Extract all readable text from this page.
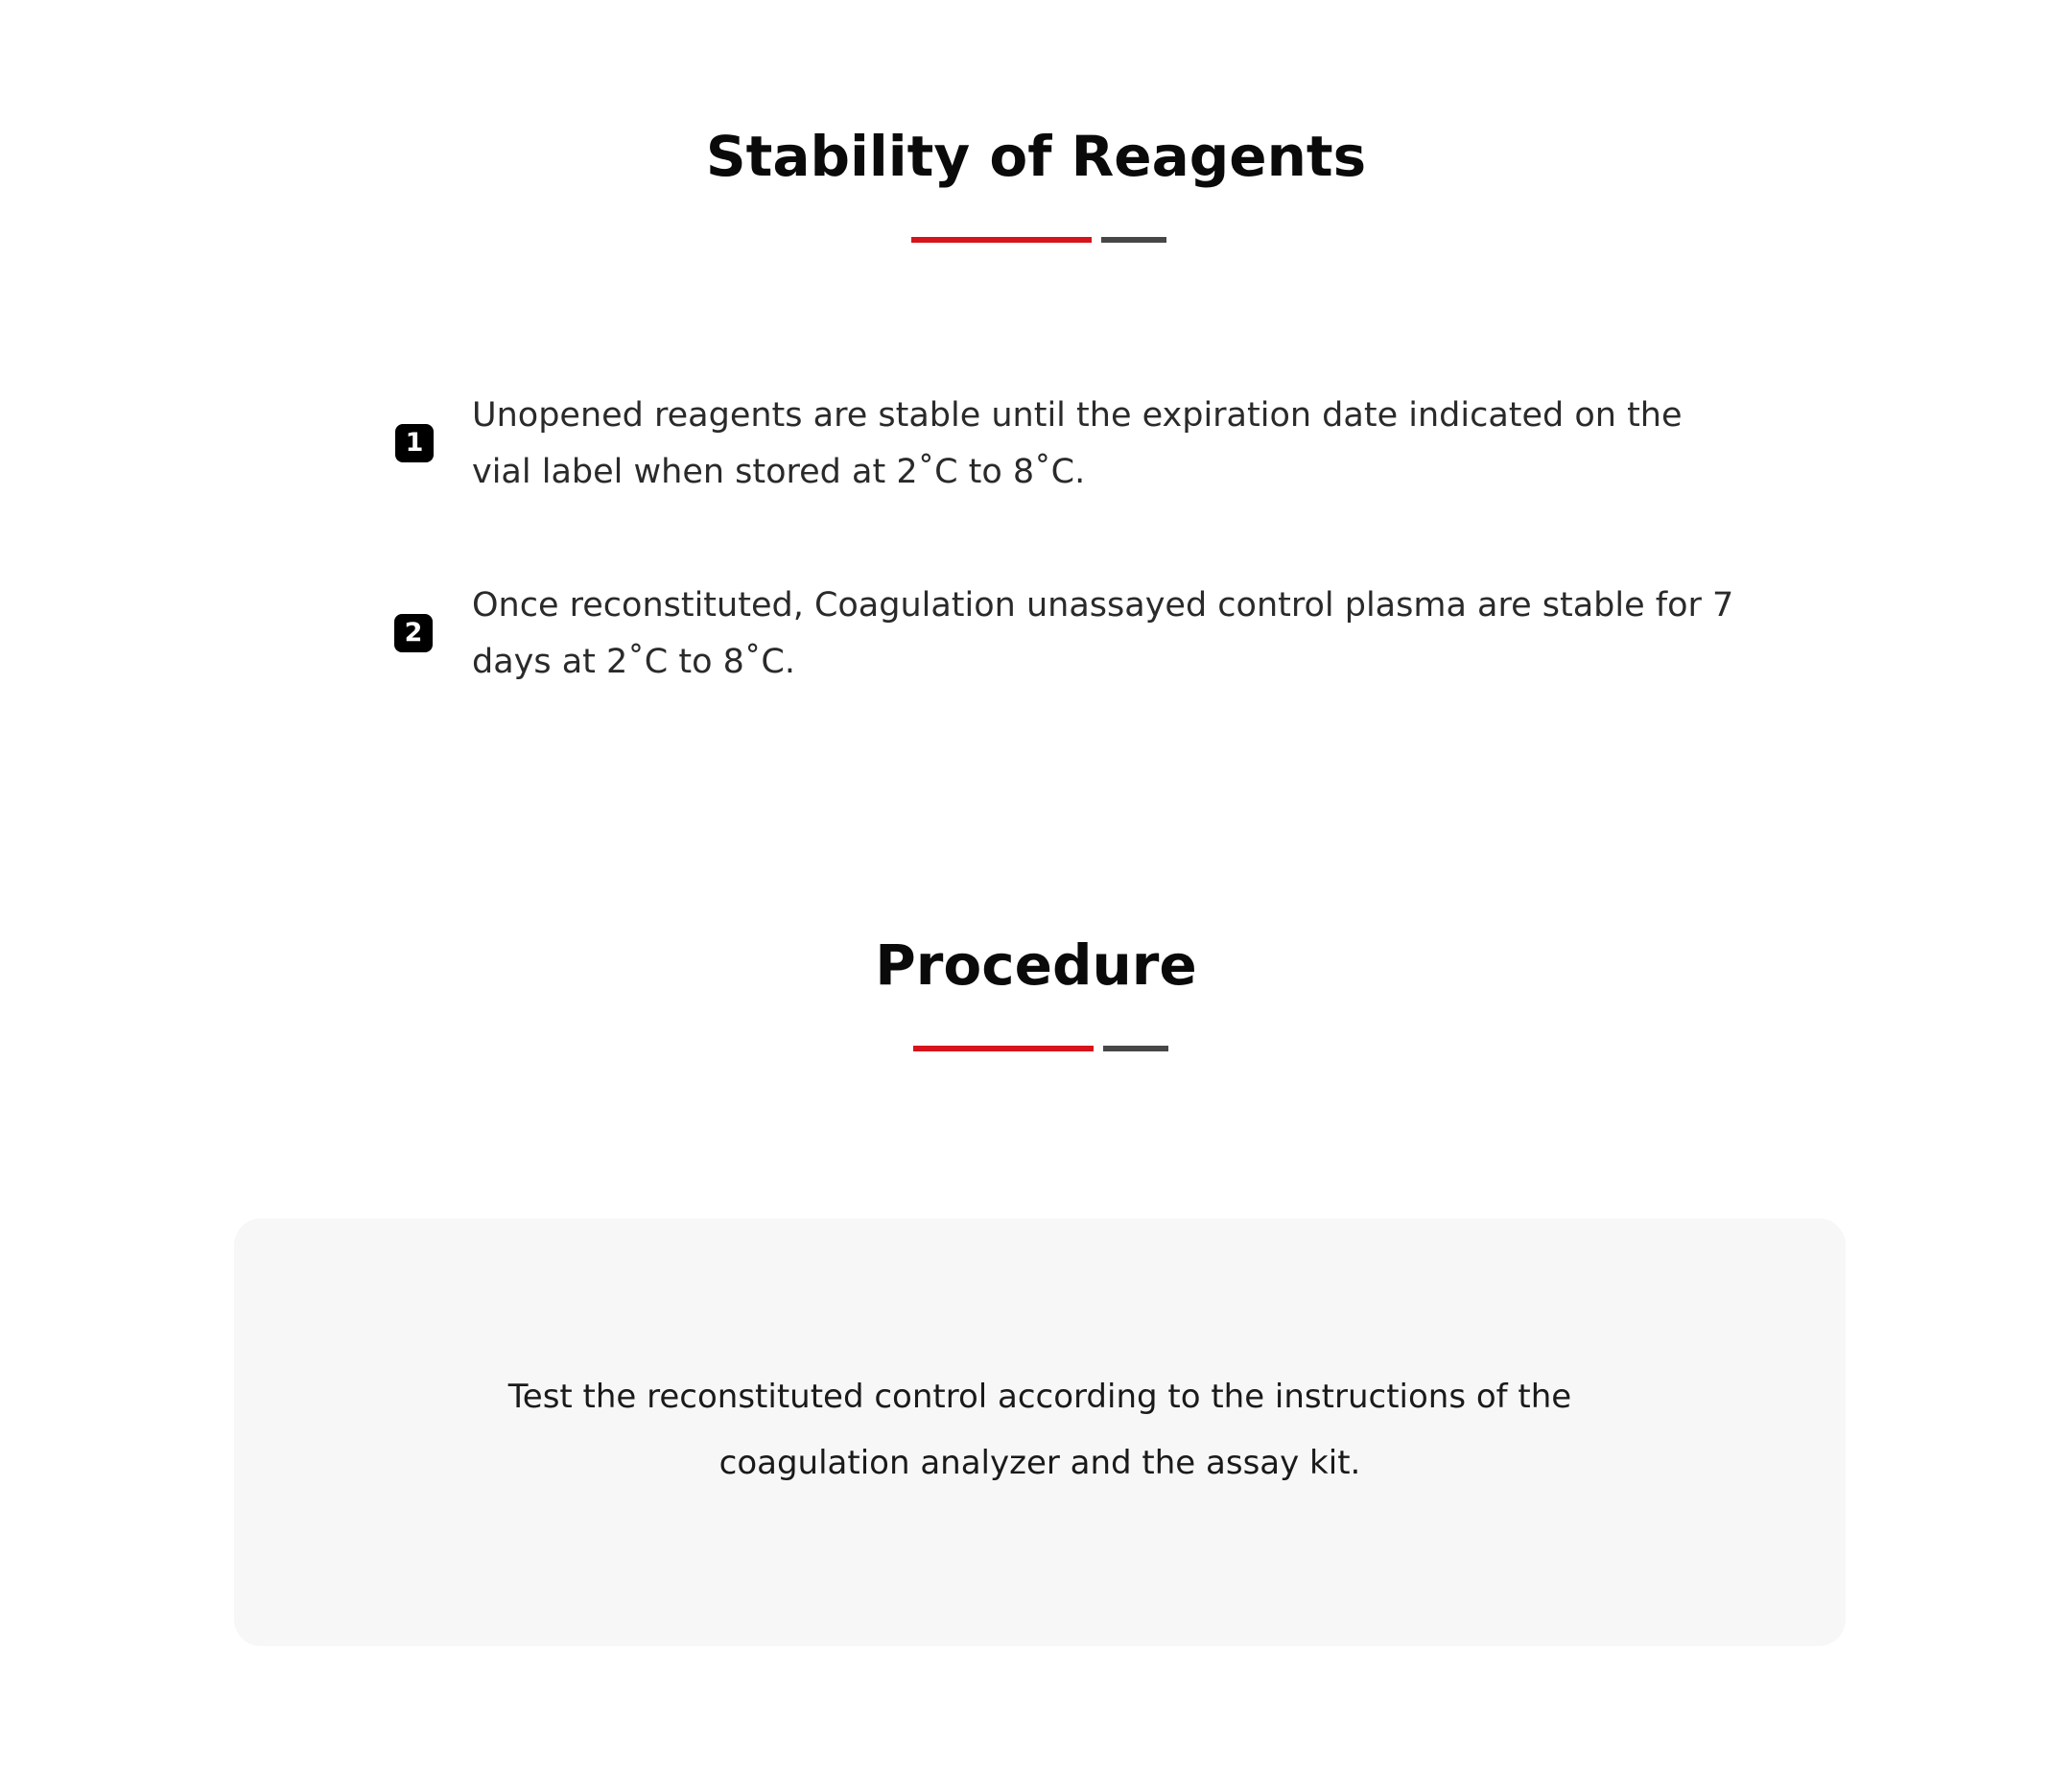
Stability of Reagents
1

Unopened reagents are stable until the expiration date indicated on the vial label when stored at 2˚C to 8˚C.

2

Once reconstituted, Coagulation unassayed control plasma are stable for 7 days at 2˚C to 8˚C.

Procedure

Test the reconstituted control according to the instructions of the
coagulation analyzer and the assay kit.
